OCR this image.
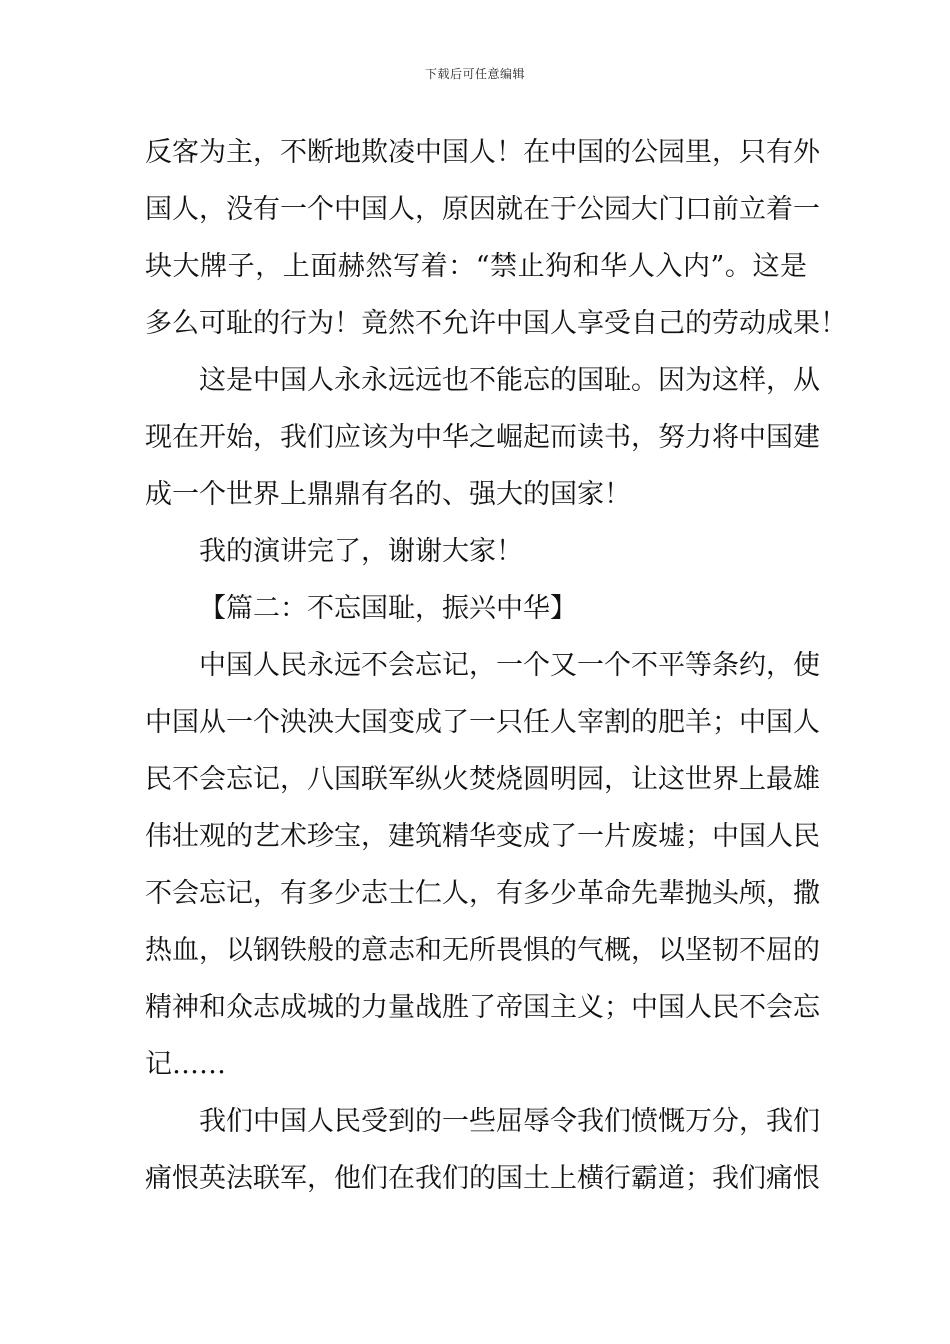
下载后可任意编辑
反客为主，不断地欺凌中国人！在中国的公园里，只有外
国人，没有一个中国人，原因就在于公园大门口前立着一
块大牌子，上面赫然写着：“禁止狗和华人入内”。这是
多么可耻的行为！竟然不允许中国人享受自己的劳动成果！
这是中国人永永远远也不能忘的国耻。因为这样，从
现在开始，我们应该为中华之崛起而读书，努力将中国建
成一个世界上鼎鼎有名的、强大的国家！
我的演讲完了，谢谢大家！
【篇二：不忘国耻，振兴中华】
中国人民永远不会忘记，一个又一个不平等条约，使
中国从一个泱泱大国变成了一只任人宰割的肥羊；中国人
民不会忘记，八国联军纵火焚烧圆明园，让这世界上最雄
伟壮观的艺术珍宝，建筑精华变成了一片废墟；中国人民
不会忘记，有多少志士仁人，有多少革命先辈抛头颅，撒
热血，以钢铁般的意志和无所畏惧的气概，以坚韧不屈的
精神和众志成城的力量战胜了帝国主义；中国人民不会忘
记……
我们中国人民受到的一些屈辱令我们愤慨万分，我们
痛恨英法联军，他们在我们的国土上横行霸道；我们痛恨
